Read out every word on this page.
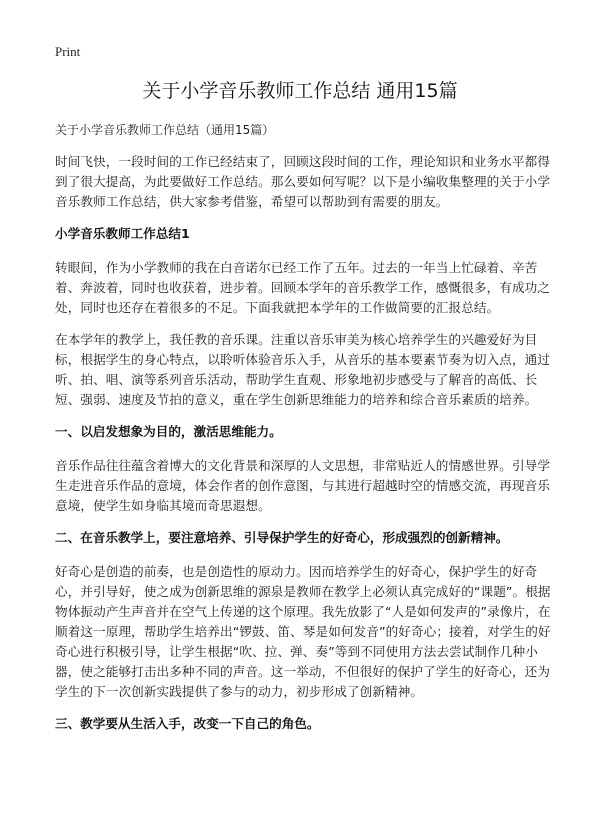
Print
关于小学音乐教师工作总结 通用15篇

关于小学音乐教师工作总结（通用15篇）

时间飞快，一段时间的工作已经结束了，回顾这段时间的工作，理论知识和业务水平都得到了很大提高，为此要做好工作总结。那么要如何写呢？以下是小编收集整理的关于小学音乐教师工作总结，供大家参考借鉴，希望可以帮助到有需要的朋友。

小学音乐教师工作总结1

转眼间，作为小学教师的我在白音诺尔已经工作了五年。过去的一年当上忙碌着、辛苦着、奔波着，同时也收获着，进步着。回顾本学年的音乐教学工作，感慨很多，有成功之处，同时也还存在着很多的不足。下面我就把本学年的工作做简要的汇报总结。

在本学年的教学上，我任教的音乐课。注重以音乐审美为核心培养学生的兴趣爱好为目标，根据学生的身心特点，以聆听体验音乐入手，从音乐的基本要素节奏为切入点，通过听、拍、唱、演等系列音乐活动，帮助学生直观、形象地初步感受与了解音的高低、长短、强弱、速度及节拍的意义，重在学生创新思维能力的培养和综合音乐素质的培养。

一、以启发想象为目的，激活思维能力。

音乐作品往往蕴含着博大的文化背景和深厚的人文思想，非常贴近人的情感世界。引导学生走进音乐作品的意境，体会作者的创作意图，与其进行超越时空的情感交流，再现音乐意境，使学生如身临其境而奇思遐想。

二、在音乐教学上，要注意培养、引导保护学生的好奇心，形成强烈的创新精神。

好奇心是创造的前奏，也是创造性的原动力。因而培养学生的好奇心，保护学生的好奇心，并引导好，使之成为创新思维的源泉是教师在教学上必须认真完成好的“课题”。根据物体振动产生声音并在空气上传递的这个原理。我先放影了“人是如何发声的”录像片，在顺着这一原理，帮助学生培养出“锣鼓、笛、琴是如何发音”的好奇心；接着，对学生的好奇心进行积极引导，让学生根据“吹、拉、弹、奏”等到不同使用方法去尝试制作几种小器，使之能够打击出多种不同的声音。这一举动，不但很好的保护了学生的好奇心，还为学生的下一次创新实践提供了参与的动力，初步形成了创新精神。

三、教学要从生活入手，改变一下自己的角色。
